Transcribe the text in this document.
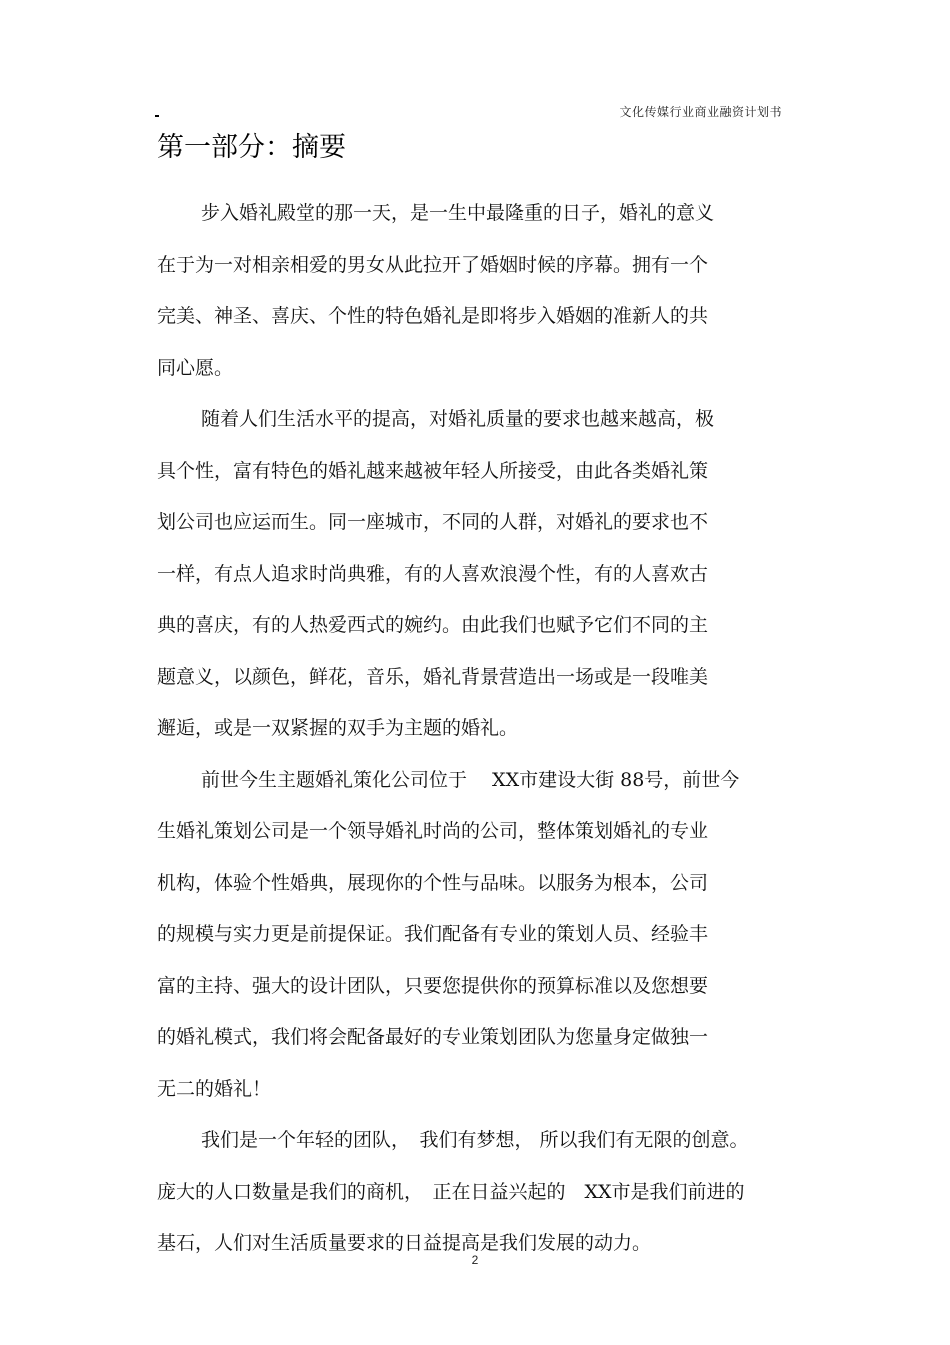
文化传媒行业商业融资计划书
第一部分：摘要
步入婚礼殿堂的那一天，是一生中最隆重的日子，婚礼的意义
在于为一对相亲相爱的男女从此拉开了婚姻时候的序幕。拥有一个
完美、神圣、喜庆、个性的特色婚礼是即将步入婚姻的准新人的共
同心愿。
随着人们生活水平的提高，对婚礼质量的要求也越来越高，极
具个性，富有特色的婚礼越来越被年轻人所接受，由此各类婚礼策
划公司也应运而生。同一座城市，不同的人群，对婚礼的要求也不
一样，有点人追求时尚典雅，有的人喜欢浪漫个性，有的人喜欢古
典的喜庆，有的人热爱西式的婉约。由此我们也赋予它们不同的主
题意义，以颜色，鲜花，音乐，婚礼背景营造出一场或是一段唯美
邂逅，或是一双紧握的双手为主题的婚礼。
前世今生主题婚礼策化公司位于　 XX市建设大街 88号，前世今
生婚礼策划公司是一个领导婚礼时尚的公司，整体策划婚礼的专业
机构，体验个性婚典，展现你的个性与品味。以服务为根本，公司
的规模与实力更是前提保证。我们配备有专业的策划人员、经验丰
富的主持、强大的设计团队，只要您提供你的预算标准以及您想要
的婚礼模式，我们将会配备最好的专业策划团队为您量身定做独一
无二的婚礼！
我们是一个年轻的团队，　我们有梦想， 所以我们有无限的创意。
庞大的人口数量是我们的商机，　正在日益兴起的　XX市是我们前进的
基石，人们对生活质量要求的日益提高是我们发展的动力。
2
